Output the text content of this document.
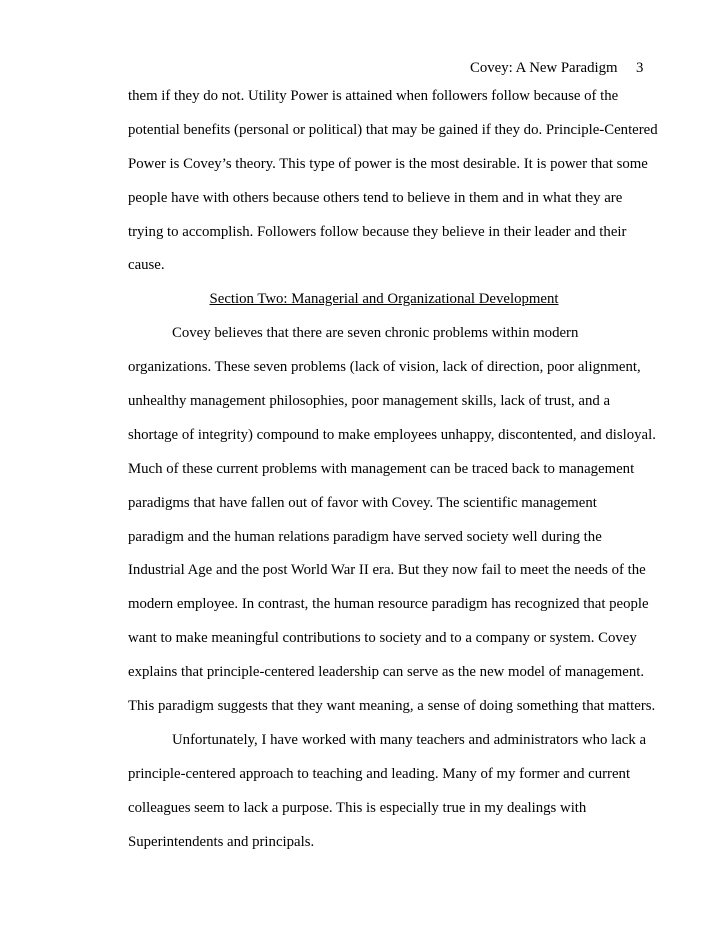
Covey: A New Paradigm 3
them if they do not. Utility Power is attained when followers follow because of the
potential benefits (personal or political) that may be gained if they do. Principle-Centered
Power is Covey’s theory. This type of power is the most desirable. It is power that some
people have with others because others tend to believe in them and in what they are
trying to accomplish. Followers follow because they believe in their leader and their
cause.
Section Two: Managerial and Organizational Development
Covey believes that there are seven chronic problems within modern
organizations. These seven problems (lack of vision, lack of direction, poor alignment,
unhealthy management philosophies, poor management skills, lack of trust, and a
shortage of integrity) compound to make employees unhappy, discontented, and disloyal.
Much of these current problems with management can be traced back to management
paradigms that have fallen out of favor with Covey. The scientific management
paradigm and the human relations paradigm have served society well during the
Industrial Age and the post World War II era. But they now fail to meet the needs of the
modern employee. In contrast, the human resource paradigm has recognized that people
want to make meaningful contributions to society and to a company or system. Covey
explains that principle-centered leadership can serve as the new model of management.
This paradigm suggests that they want meaning, a sense of doing something that matters.
Unfortunately, I have worked with many teachers and administrators who lack a
principle-centered approach to teaching and leading. Many of my former and current
colleagues seem to lack a purpose. This is especially true in my dealings with
Superintendents and principals.
